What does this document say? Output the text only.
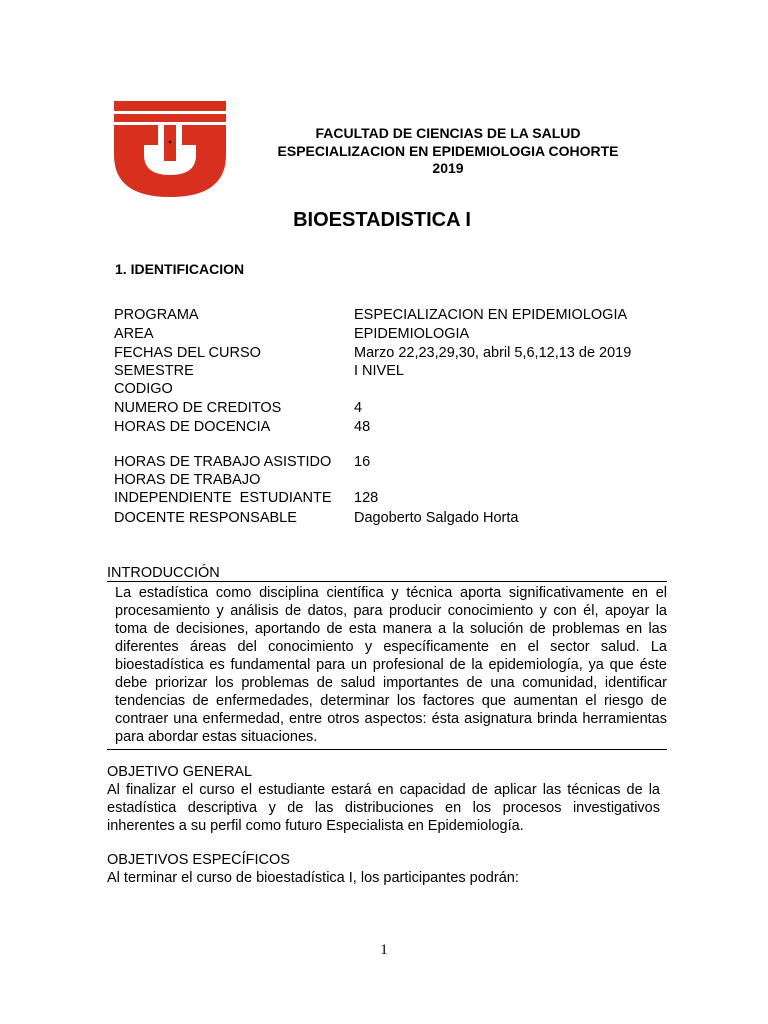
FACULTAD DE CIENCIAS DE LA SALUD
ESPECIALIZACION EN EPIDEMIOLOGIA COHORTE
2019
BIOESTADISTICA I
1. IDENTIFICACION
PROGRAMA	ESPECIALIZACION EN EPIDEMIOLOGIA
AREA	EPIDEMIOLOGIA
FECHAS DEL CURSO	Marzo 22,23,29,30, abril 5,6,12,13 de 2019
SEMESTRE	I NIVEL
CODIGO
NUMERO DE CREDITOS	4
HORAS DE DOCENCIA	48
HORAS DE TRABAJO ASISTIDO	16
HORAS DE TRABAJO
INDEPENDIENTE  ESTUDIANTE	128
DOCENTE RESPONSABLE	Dagoberto Salgado Horta
INTRODUCCIÓN

La estadística como disciplina científica y técnica aporta significativamente en el procesamiento y análisis de datos, para producir conocimiento y con él, apoyar la toma de decisiones, aportando de esta manera a la solución de problemas en las diferentes áreas del conocimiento y específicamente en el sector salud. La bioestadística es fundamental para un profesional de la epidemiología, ya que éste debe priorizar los problemas de salud importantes de una comunidad, identificar tendencias de enfermedades, determinar los factores que aumentan el riesgo de contraer una enfermedad, entre otros aspectos: ésta asignatura brinda herramientas para abordar estas situaciones.

OBJETIVO GENERAL

Al finalizar el curso el estudiante estará en capacidad de aplicar las técnicas de la estadística descriptiva y de las distribuciones en los procesos investigativos inherentes a su perfil como futuro Especialista en Epidemiología.

OBJETIVOS ESPECÍFICOS

Al terminar el curso de bioestadística I, los participantes podrán:

1
